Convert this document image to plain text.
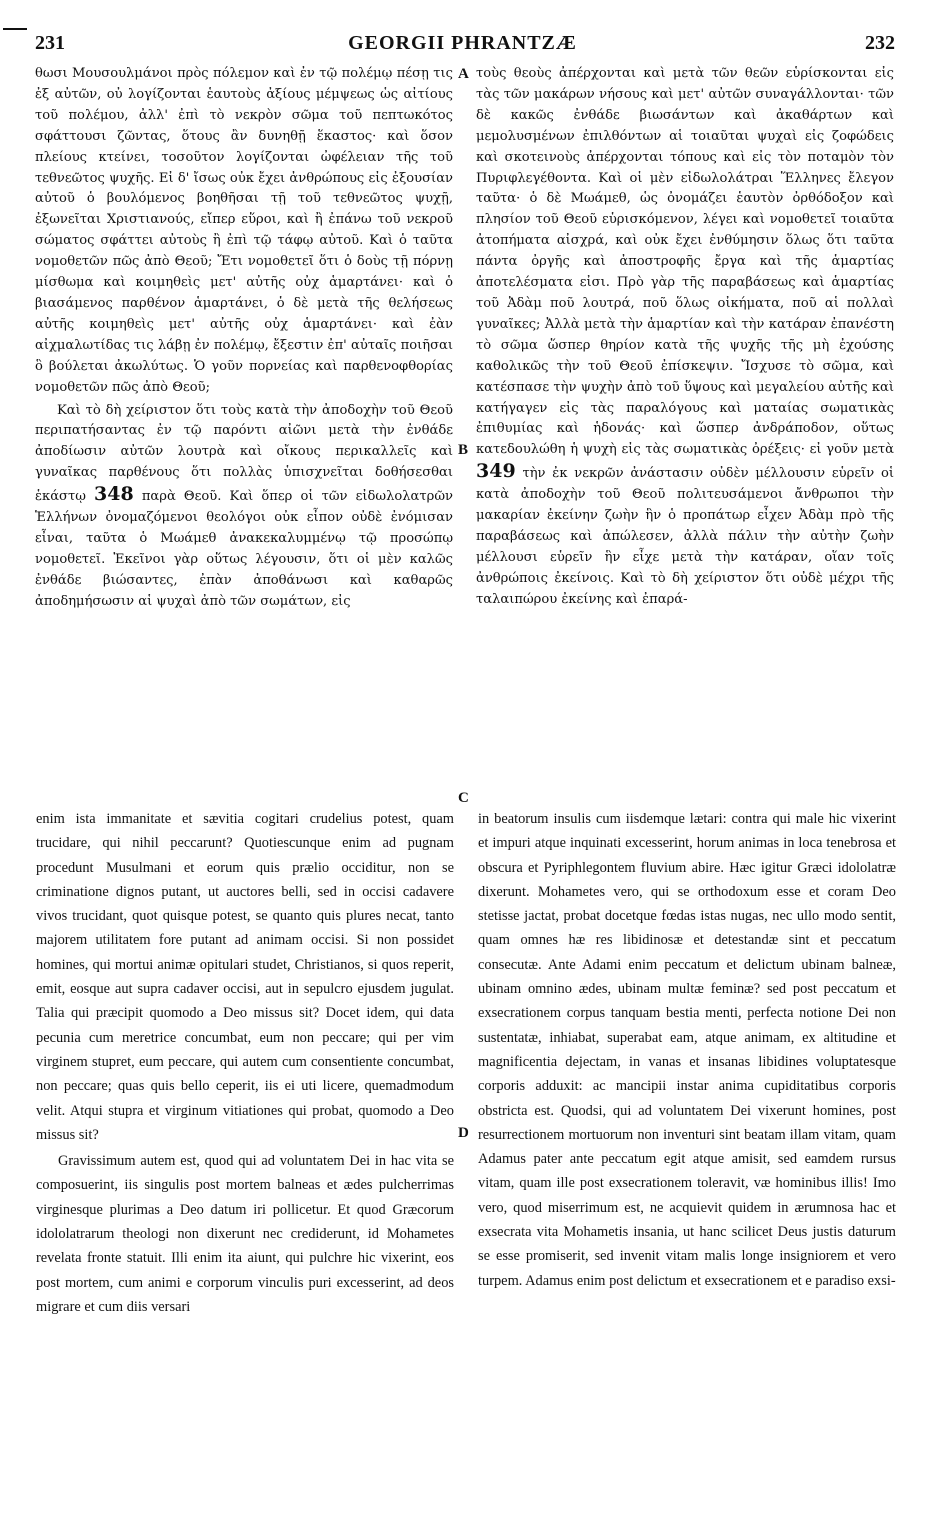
231	GEORGII PHRANTZÆ	232

θωσι Μουσουλμάνοι πρὸς πόλεμον καὶ ἐν τῷ πολέμῳ πέσῃ τις ἐξ αὐτῶν, οὐ λογίζονται ἑαυτοὺς ἀξίους μέμψεως ὡς αἰτίους τοῦ πολέμου, ἀλλ' ἐπὶ τὸ νεκρὸν σῶμα τοῦ πεπτωκότος σφάττουσι ζῶντας, ὅτους ἂν δυνηθῇ ἕκαστος· καὶ ὅσον πλείους κτείνει, τοσοῦτον λογίζονται ὠφέλειαν τῆς τοῦ τεθνεῶτος ψυχῆς. Εἰ δ' ἴσως οὐκ ἔχει ἀνθρώπους εἰς ἐξουσίαν αὐτοῦ ὁ βουλόμενος βοηθῆσαι τῇ τοῦ τεθνεῶτος ψυχῇ, ἐξωνεῖται Χριστιανούς, εἴπερ εὕροι, καὶ ἢ ἐπάνω τοῦ νεκροῦ σώματος σφάττει αὐτοὺς ἢ ἐπὶ τῷ τάφῳ αὐτοῦ. Καὶ ὁ ταῦτα νομοθετῶν πῶς ἀπὸ Θεοῦ; Ἔτι νομοθετεῖ ὅτι ὁ δοὺς τῇ πόρνῃ μίσθωμα καὶ κοιμηθεὶς μετ' αὐτῆς οὐχ ἁμαρτάνει· καὶ ὁ βιασάμενος παρθένον ἁμαρτάνει, ὁ δὲ μετὰ τῆς θελήσεως αὐτῆς κοιμηθεὶς μετ' αὐτῆς οὐχ ἁμαρτάνει· καὶ ἐὰν αἰχμαλωτίδας τις λάβῃ ἐν πολέμῳ, ἔξεστιν ἐπ' αὐταῖς ποιῆσαι ὃ βούλεται ἀκωλύτως. Ὁ γοῦν πορνείας καὶ παρθενοφθορίας νομοθετῶν πῶς ἀπὸ Θεοῦ;

Καὶ τὸ δὴ χείριστον ὅτι τοὺς κατὰ τὴν ἀποδοχὴν τοῦ Θεοῦ περιπατήσαντας ἐν τῷ παρόντι αἰῶνι μετὰ τὴν ἐνθάδε ἀποδίωσιν αὐτῶν λουτρὰ καὶ οἴκους περικαλλεῖς καὶ γυναῖκας παρθένους ὅτι πολλὰς ὑπισχνεῖται δοθήσεσθαι ἑκάστῳ 348 παρὰ Θεοῦ. Καὶ ὅπερ οἱ τῶν εἰδωλολατρῶν Ἑλλήνων ὀνομαζόμενοι θεολόγοι οὐκ εἶπον οὐδὲ ἐνόμισαν εἶναι, ταῦτα ὁ Μωάμεθ ἀνακεκαλυμμένῳ τῷ προσώπῳ νομοθετεῖ. Ἐκεῖνοι γὰρ οὕτως λέγουσιν, ὅτι οἱ μὲν καλῶς ἐνθάδε βιώσαντες, ἐπὰν ἀποθάνωσι καὶ καθαρῶς ἀποδημήσωσιν αἱ ψυχαὶ ἀπὸ τῶν σωμάτων, εἰς

τοὺς θεοὺς ἀπέρχονται καὶ μετὰ τῶν θεῶν εὑρίσκονται εἰς τὰς τῶν μακάρων νήσους καὶ μετ' αὐτῶν συναγάλλονται· τῶν δὲ κακῶς ἐνθάδε βιωσάντων καὶ ἀκαθάρτων καὶ μεμολυσμένων ἐπιλθόντων αἱ τοιαῦται ψυχαὶ εἰς ζοφώδεις καὶ σκοτεινοὺς ἀπέρχονται τόπους καὶ εἰς τὸν ποταμὸν τὸν Πυριφλεγέθοντα. Καὶ οἱ μὲν εἰδωλολάτραι Ἕλληνες ἔλεγον ταῦτα· ὁ δὲ Μωάμεθ, ὡς ὀνομάζει ἑαυτὸν ὀρθόδοξον καὶ πλησίον τοῦ Θεοῦ εὑρισκόμενον, λέγει καὶ νομοθετεῖ τοιαῦτα ἀτοπήματα αἰσχρά, καὶ οὐκ ἔχει ἐνθύμησιν ὅλως ὅτι ταῦτα πάντα ὀργῆς καὶ ἀποστροφῆς ἔργα καὶ τῆς ἁμαρτίας ἀποτελέσματα εἰσι. Πρὸ γὰρ τῆς παραβάσεως καὶ ἁμαρτίας τοῦ Ἀδὰμ ποῦ λουτρά, ποῦ ὅλως οἰκήματα, ποῦ αἱ πολλαὶ γυναῖκες; Ἀλλὰ μετὰ τὴν ἁμαρτίαν καὶ τὴν κατάραν ἐπανέστη τὸ σῶμα ὥσπερ θηρίον κατὰ τῆς ψυχῆς τῆς μὴ ἐχούσης καθολικῶς τὴν τοῦ Θεοῦ ἐπίσκεψιν. Ἴσχυσε τὸ σῶμα, καὶ κατέσπασε τὴν ψυχὴν ἀπὸ τοῦ ὕψους καὶ μεγαλείου αὐτῆς καὶ κατήγαγεν εἰς τὰς παραλόγους καὶ ματαίας σωματικὰς ἐπιθυμίας καὶ ἡδονάς· καὶ ὥσπερ ἀνδράποδον, οὕτως κατεδουλώθη ἡ ψυχὴ εἰς τὰς σωματικὰς ὀρέξεις· εἰ γοῦν μετὰ 349 τὴν ἐκ νεκρῶν ἀνάστασιν οὐδὲν μέλλουσιν εὑρεῖν οἱ κατὰ ἀποδοχὴν τοῦ Θεοῦ πολιτευσάμενοι ἄνθρωποι τὴν μακαρίαν ἐκείνην ζωὴν ἣν ὁ προπάτωρ εἶχεν Ἀδὰμ πρὸ τῆς παραβάσεως καὶ ἀπώλεσεν, ἀλλὰ πάλιν τὴν αὐτὴν ζωὴν μέλλουσι εὑρεῖν ἣν εἶχε μετὰ τὴν κατάραν, οἵαν τοῖς ἀνθρώποις ἐκείνοις. Καὶ τὸ δὴ χείριστον ὅτι οὐδὲ μέχρι τῆς ταλαιπώρου ἐκείνης καὶ ἐπαρά-

A
B
C
D

enim ista immanitate et sævitia cogitari crudelius potest, quam trucidare, qui nihil peccarunt? Quotiescunque enim ad pugnam procedunt Musulmani et eorum quis prælio occiditur, non se criminatione dignos putant, ut auctores belli, sed in occisi cadavere vivos trucidant, quot quisque potest, se quanto quis plures necat, tanto majorem utilitatem fore putant ad animam occisi. Si non possidet homines, qui mortui animæ opitulari studet, Christianos, si quos reperit, emit, eosque aut supra cadaver occisi, aut in sepulcro ejusdem jugulat. Talia qui præcipit quomodo a Deo missus sit? Docet idem, qui data pecunia cum meretrice concumbat, eum non peccare; qui per vim virginem stupret, eum peccare, qui autem cum consentiente concumbat, non peccare; quas quis bello ceperit, iis ei uti licere, quemadmodum velit. Atqui stupra et virginum vitiationes qui probat, quomodo a Deo missus sit?

Gravissimum autem est, quod qui ad voluntatem Dei in hac vita se composuerint, iis singulis post mortem balneas et ædes pulcherrimas virginesque plurimas a Deo datum iri pollicetur. Et quod Græcorum idololatrarum theologi non dixerunt nec crediderunt, id Mohametes revelata fronte statuit. Illi enim ita aiunt, qui pulchre hic vixerint, eos post mortem, cum animi e corporum vinculis puri excesserint, ad deos migrare et cum diis versari

in beatorum insulis cum iisdemque lætari: contra qui male hic vixerint et impuri atque inquinati excesserint, horum animas in loca tenebrosa et obscura et Pyriphlegontem fluvium abire. Hæc igitur Græci idololatræ dixerunt. Mohametes vero, qui se orthodoxum esse et coram Deo stetisse jactat, probat docetque fœdas istas nugas, nec ullo modo sentit, quam omnes hæ res libidinosæ et detestandæ sint et peccatum consecutæ. Ante Adami enim peccatum et delictum ubinam balneæ, ubinam omnino ædes, ubinam multæ feminæ? sed post peccatum et exsecrationem corpus tanquam bestia menti, perfecta notione Dei non sustentatæ, inhiabat, superabat eam, atque animam, ex altitudine et magnificentia dejectam, in vanas et insanas libidines voluptatesque corporis adduxit: ac mancipii instar anima cupiditatibus corporis obstricta est. Quodsi, qui ad voluntatem Dei vixerunt homines, post resurrectionem mortuorum non inventuri sint beatam illam vitam, quam Adamus pater ante peccatum egit atque amisit, sed eamdem rursus vitam, quam ille post exsecrationem toleravit, væ hominibus illis! Imo vero, quod miserrimum est, ne acquievit quidem in ærumnosa hac et exsecrata vita Mohametis insania, ut hanc scilicet Deus justis daturum se esse promiserit, sed invenit vitam malis longe insigniorem et vero turpem. Adamus enim post delictum et exsecrationem et e paradiso exsi-
